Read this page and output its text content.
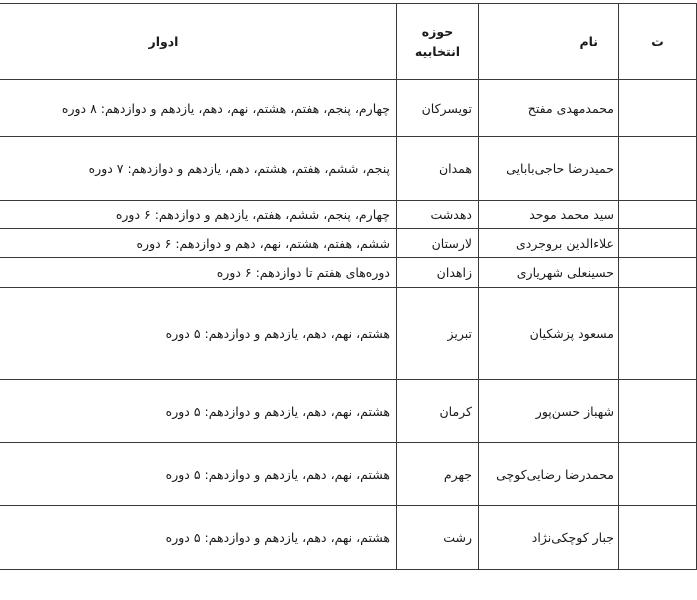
ت	نام	حوزه انتخابیه	ادوار
	محمدمهدی مفتح	تویسرکان	چهارم، پنجم، هفتم، هشتم، نهم، دهم، یازدهم و دوازدهم: ۸ دوره
	حمیدرضا حاجی‌بابایی	همدان	پنجم، ششم، هفتم، هشتم، دهم، یازدهم و دوازدهم: ۷ دوره
	سید محمد موحد	دهدشت	چهارم، پنجم، ششم، هفتم، یازدهم و دوازدهم: ۶ دوره
	علاءالدین بروجردی	لارستان	ششم، هفتم، هشتم، نهم، دهم و دوازدهم: ۶ دوره
	حسینعلی شهریاری	زاهدان	دوره‌های هفتم تا دوازدهم: ۶ دوره
	مسعود پزشکیان	تبریز	هشتم، نهم، دهم، یازدهم و دوازدهم: ۵ دوره
	شهباز حسن‌پور	کرمان	هشتم، نهم، دهم، یازدهم و دوازدهم: ۵ دوره
	محمدرضا رضایی‌کوچی	جهرم	هشتم، نهم، دهم، یازدهم و دوازدهم: ۵ دوره
	جبار کوچکی‌نژاد	رشت	هشتم، نهم، دهم، یازدهم و دوازدهم: ۵ دوره
